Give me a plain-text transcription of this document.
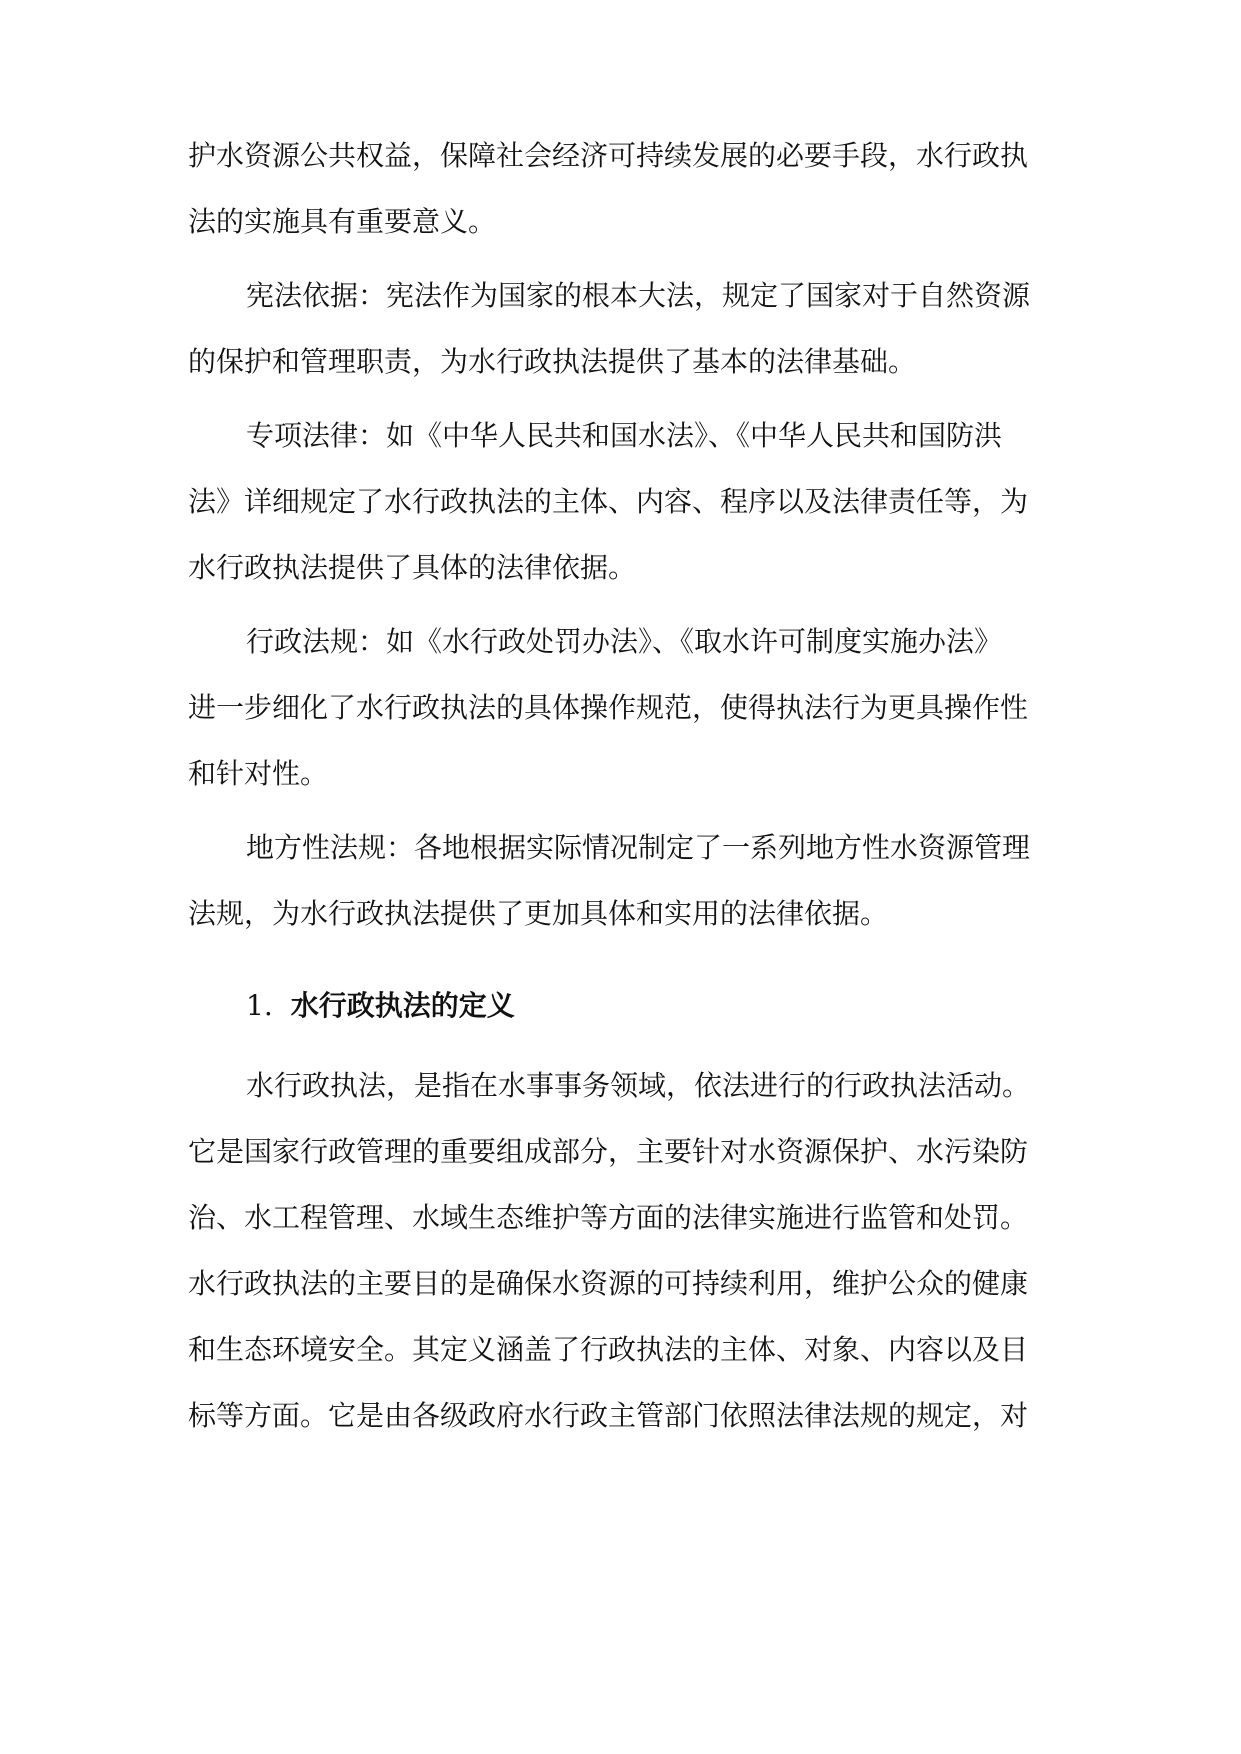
护水资源公共权益，保障社会经济可持续发展的必要手段，水行政执
法的实施具有重要意义。
宪法依据：宪法作为国家的根本大法，规定了国家对于自然资源
的保护和管理职责，为水行政执法提供了基本的法律基础。
专项法律：如《中华人民共和国水法》、《中华人民共和国防洪
法》详细规定了水行政执法的主体、内容、程序以及法律责任等，为
水行政执法提供了具体的法律依据。
行政法规：如《水行政处罚办法》、《取水许可制度实施办法》
进一步细化了水行政执法的具体操作规范，使得执法行为更具操作性
和针对性。
地方性法规：各地根据实际情况制定了一系列地方性水资源管理
法规，为水行政执法提供了更加具体和实用的法律依据。
1. 水行政执法的定义
水行政执法，是指在水事事务领域，依法进行的行政执法活动。
它是国家行政管理的重要组成部分，主要针对水资源保护、水污染防
治、水工程管理、水域生态维护等方面的法律实施进行监管和处罚。
水行政执法的主要目的是确保水资源的可持续利用，维护公众的健康
和生态环境安全。其定义涵盖了行政执法的主体、对象、内容以及目
标等方面。它是由各级政府水行政主管部门依照法律法规的规定，对
